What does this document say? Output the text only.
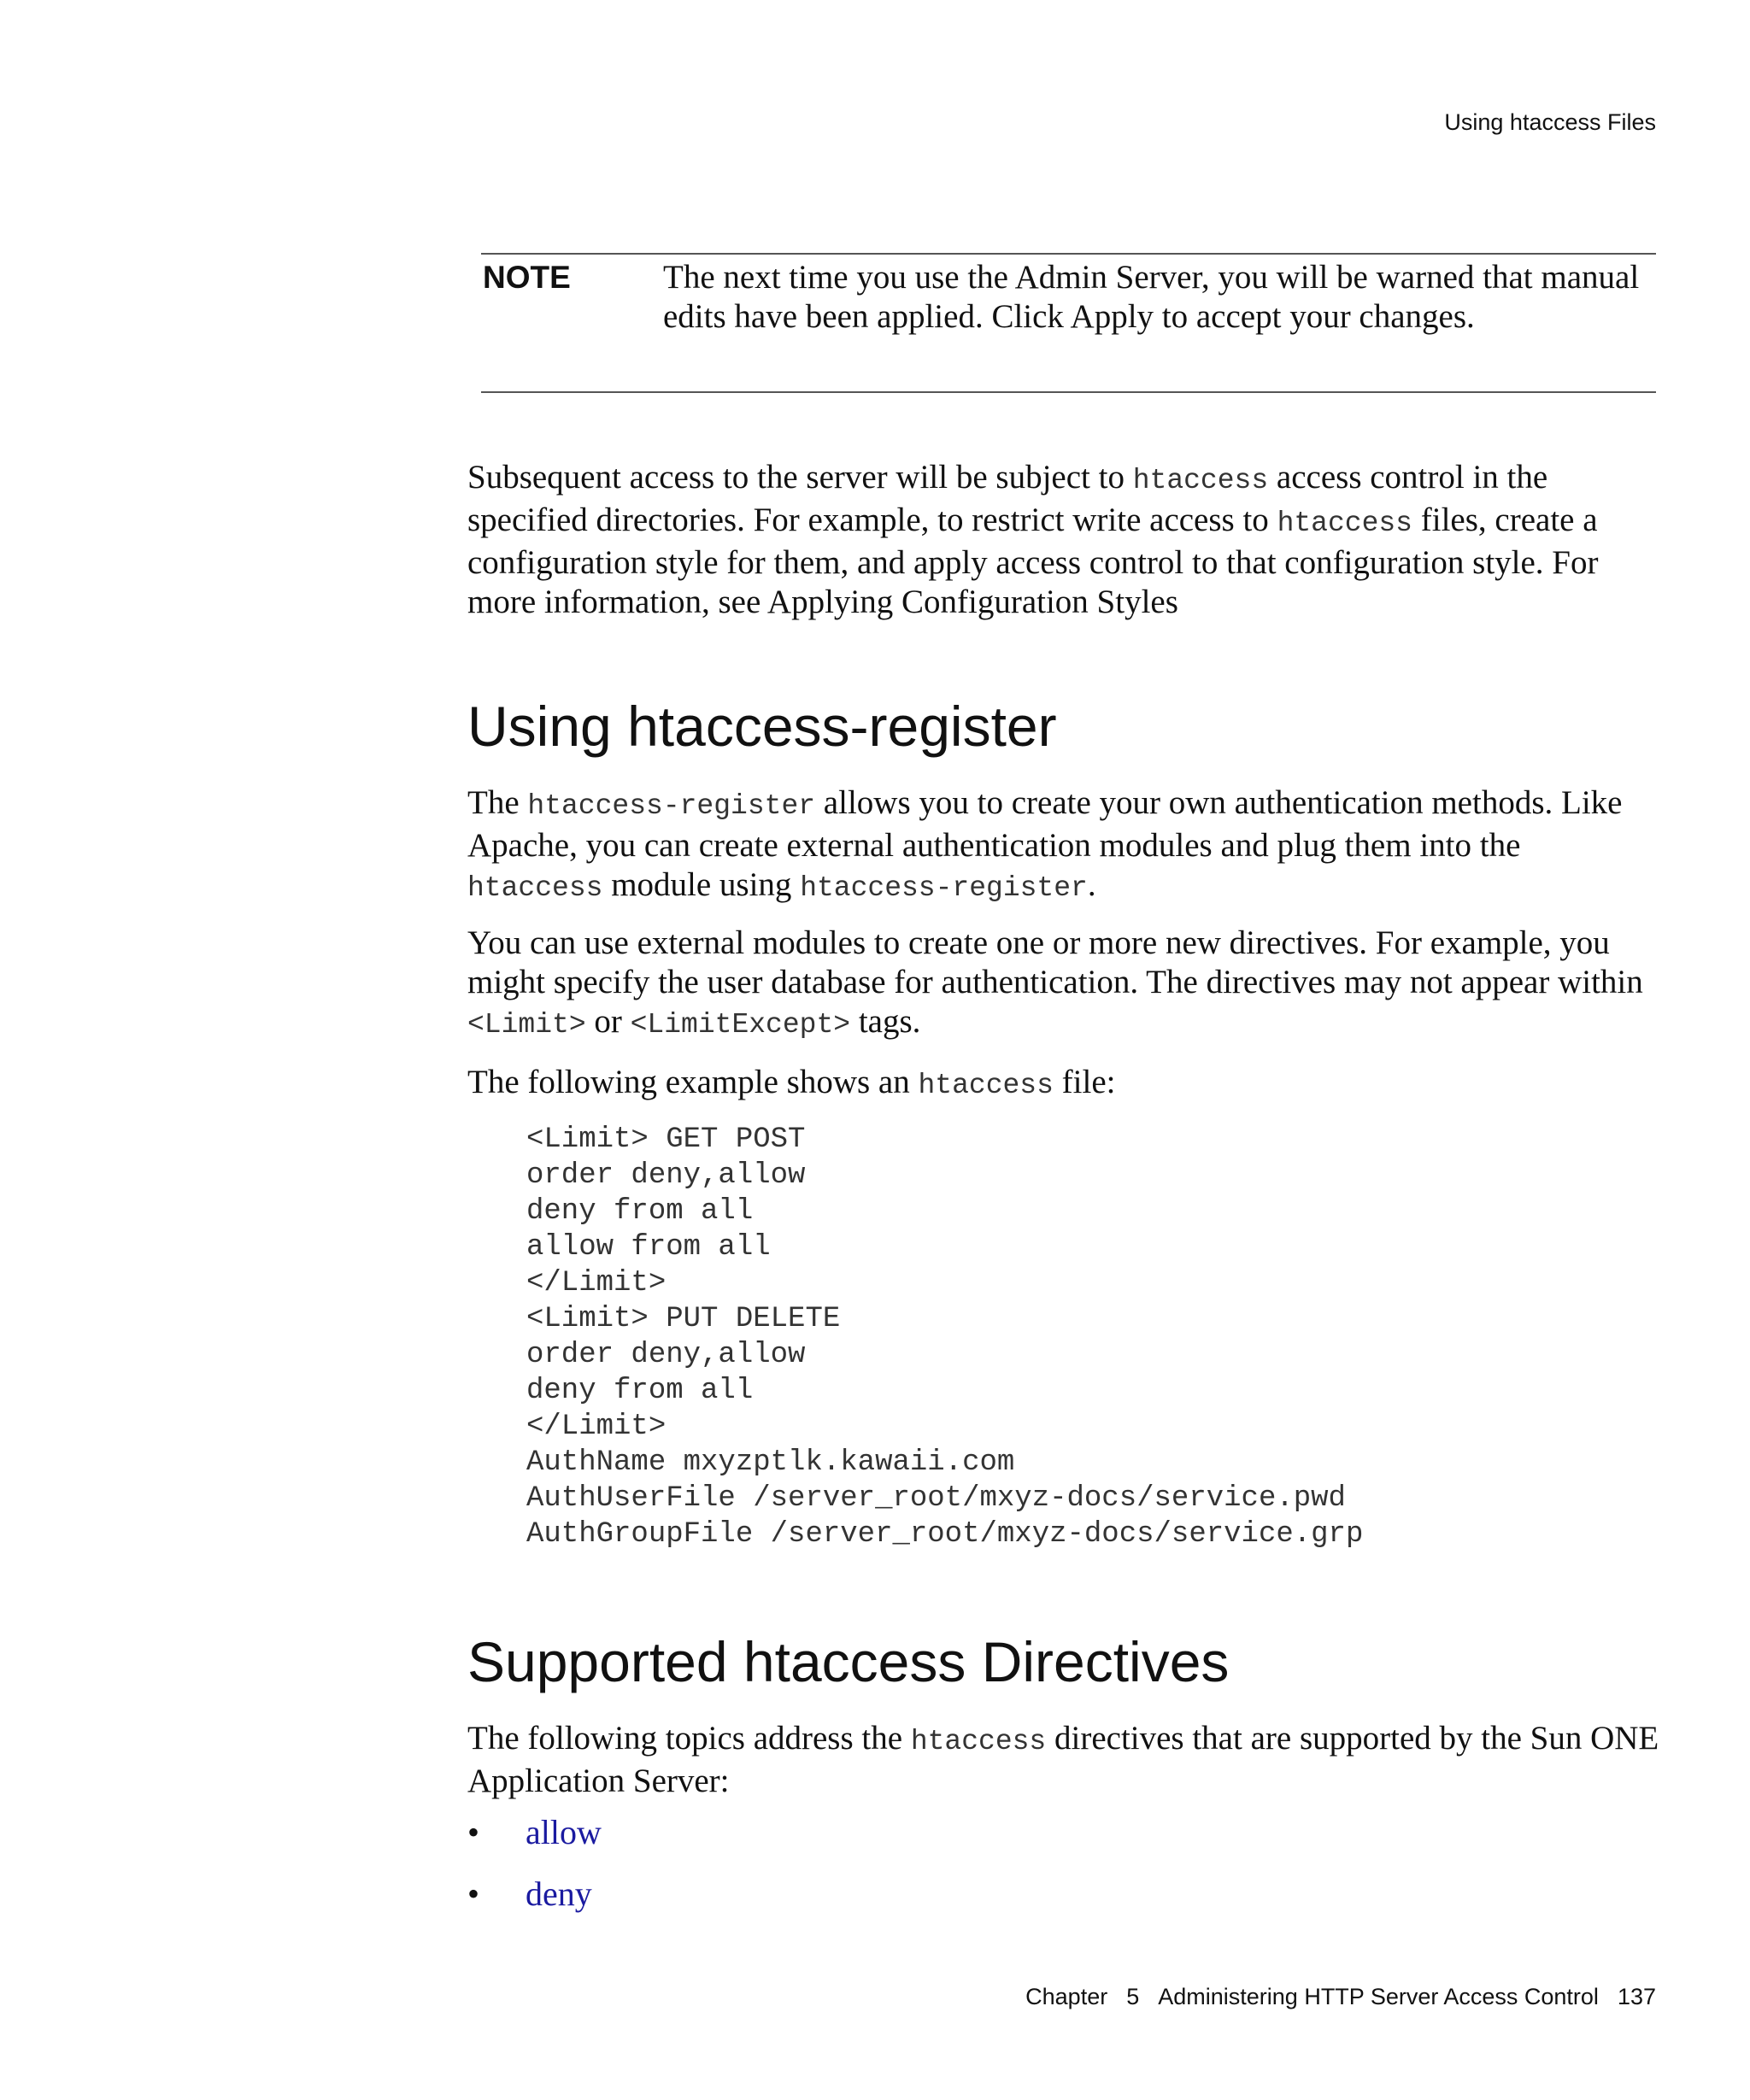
Using htaccess Files
NOTE	The next time you use the Admin Server, you will be warned that manual edits have been applied. Click Apply to accept your changes.

Subsequent access to the server will be subject to htaccess access control in the specified directories. For example, to restrict write access to htaccess files, create a configuration style for them, and apply access control to that configuration style. For more information, see Applying Configuration Styles

Using htaccess-register

The htaccess-register allows you to create your own authentication methods. Like Apache, you can create external authentication modules and plug them into the htaccess module using htaccess-register.

You can use external modules to create one or more new directives. For example, you might specify the user database for authentication. The directives may not appear within <Limit> or <LimitExcept> tags.

The following example shows an htaccess file:

<Limit> GET POST
order deny,allow
deny from all
allow from all
</Limit>
<Limit> PUT DELETE
order deny,allow
deny from all
</Limit>
AuthName mxyzptlk.kawaii.com
AuthUserFile /server_root/mxyz-docs/service.pwd
AuthGroupFile /server_root/mxyz-docs/service.grp
Supported htaccess Directives

The following topics address the htaccess directives that are supported by the Sun ONE Application Server:

• allow
• deny
Chapter 5 Administering HTTP Server Access Control 137
